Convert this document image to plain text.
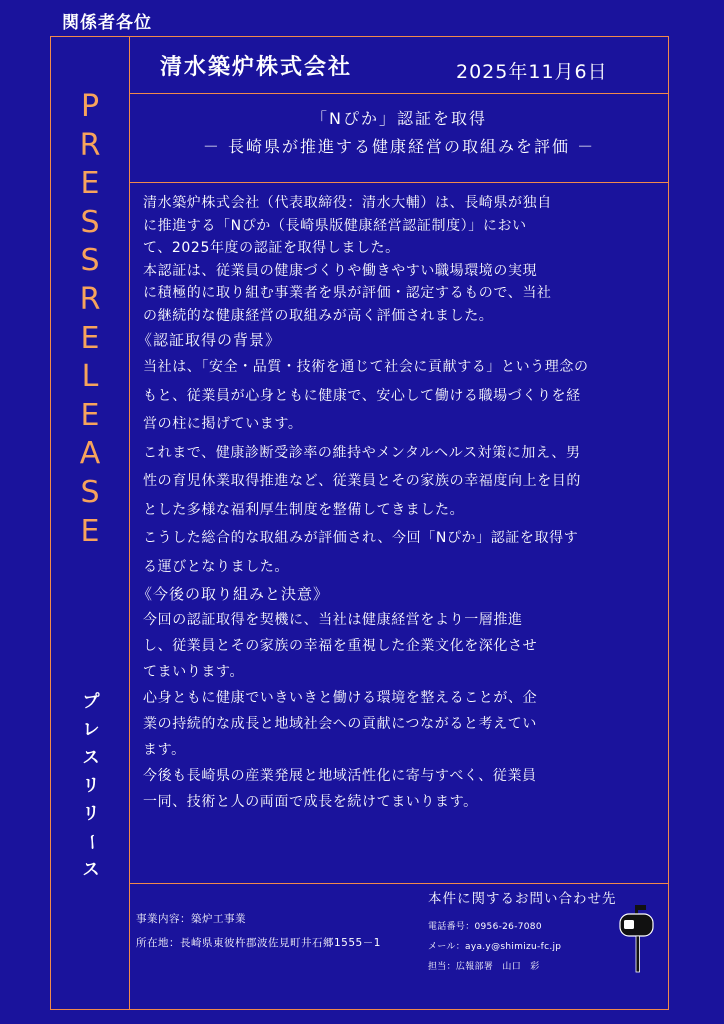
関係者各位
清水築炉株式会社	2025年11月6日
「Nぴか」認証を取得
－ 長崎県が推進する健康経営の取組みを評価 －
P
R
E
S
S
R
E
L
E
A
S
E
プ
レ
ス
リ
リ
ー
ス

清水築炉株式会社（代表取締役：清水大輔）は、長崎県が独自

に推進する「Nぴか（長崎県版健康経営認証制度）」におい

て、2025年度の認証を取得しました。

本認証は、従業員の健康づくりや働きやすい職場環境の実現

に積極的に取り組む事業者を県が評価・認定するもので、当社

の継続的な健康経営の取組みが高く評価されました。

《認証取得の背景》

当社は、「安全・品質・技術を通じて社会に貢献する」という理念の

もと、従業員が心身ともに健康で、安心して働ける職場づくりを経

営の柱に掲げています。

これまで、健康診断受診率の維持やメンタルヘルス対策に加え、男

性の育児休業取得推進など、従業員とその家族の幸福度向上を目的

とした多様な福利厚生制度を整備してきました。

こうした総合的な取組みが評価され、今回「Nぴか」認証を取得す

る運びとなりました。

《今後の取り組みと決意》

今回の認証取得を契機に、当社は健康経営をより一層推進

し、従業員とその家族の幸福を重視した企業文化を深化させ

てまいります。

心身ともに健康でいきいきと働ける環境を整えることが、企

業の持続的な成長と地域社会への貢献につながると考えてい

ます。

今後も長崎県の産業発展と地域活性化に寄与すべく、従業員

一同、技術と人の両面で成長を続けてまいります。

事業内容：築炉工事業
所在地：長崎県東彼杵郡波佐見町井石郷1555－1
本件に関するお問い合わせ先
電話番号：0956-26-7080
メール：aya.y@shimizu-fc.jp
担当：広報部署　山口　彩
